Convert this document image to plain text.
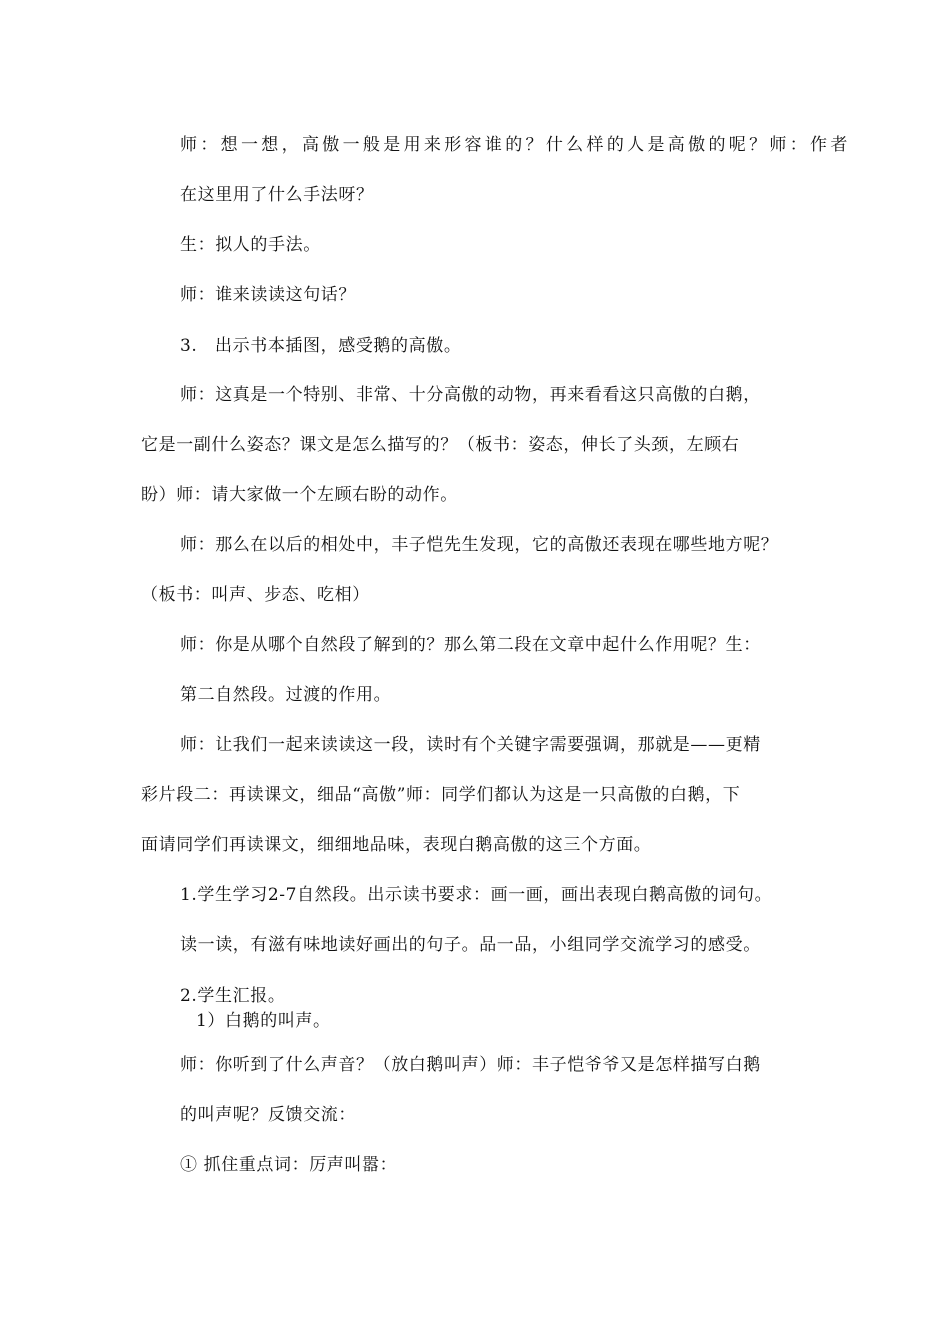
师：想一想，高傲一般是用来形容谁的？什么样的人是高傲的呢？师：作者
在这里用了什么手法呀？
生：拟人的手法。
师：谁来读读这句话？
3.　出示书本插图，感受鹅的高傲。
师：这真是一个特别、非常、十分高傲的动物，再来看看这只高傲的白鹅，
它是一副什么姿态？课文是怎么描写的？（板书：姿态，伸长了头颈，左顾右
盼）师：请大家做一个左顾右盼的动作。
师：那么在以后的相处中，丰子恺先生发现，它的高傲还表现在哪些地方呢？
（板书：叫声、步态、吃相）
师：你是从哪个自然段了解到的？那么第二段在文章中起什么作用呢？生：
第二自然段。过渡的作用。
师：让我们一起来读读这一段，读时有个关键字需要强调，那就是——更精
彩片段二：再读课文，细品“高傲”师：同学们都认为这是一只高傲的白鹅，下
面请同学们再读课文，细细地品味，表现白鹅高傲的这三个方面。
1.学生学习2-7自然段。出示读书要求：画一画，画出表现白鹅高傲的词句。
读一读，有滋有味地读好画出的句子。品一品，小组同学交流学习的感受。
2.学生汇报。
1）白鹅的叫声。
师：你听到了什么声音？（放白鹅叫声）师：丰子恺爷爷又是怎样描写白鹅
的叫声呢？反馈交流：
① 抓住重点词：厉声叫嚣：
